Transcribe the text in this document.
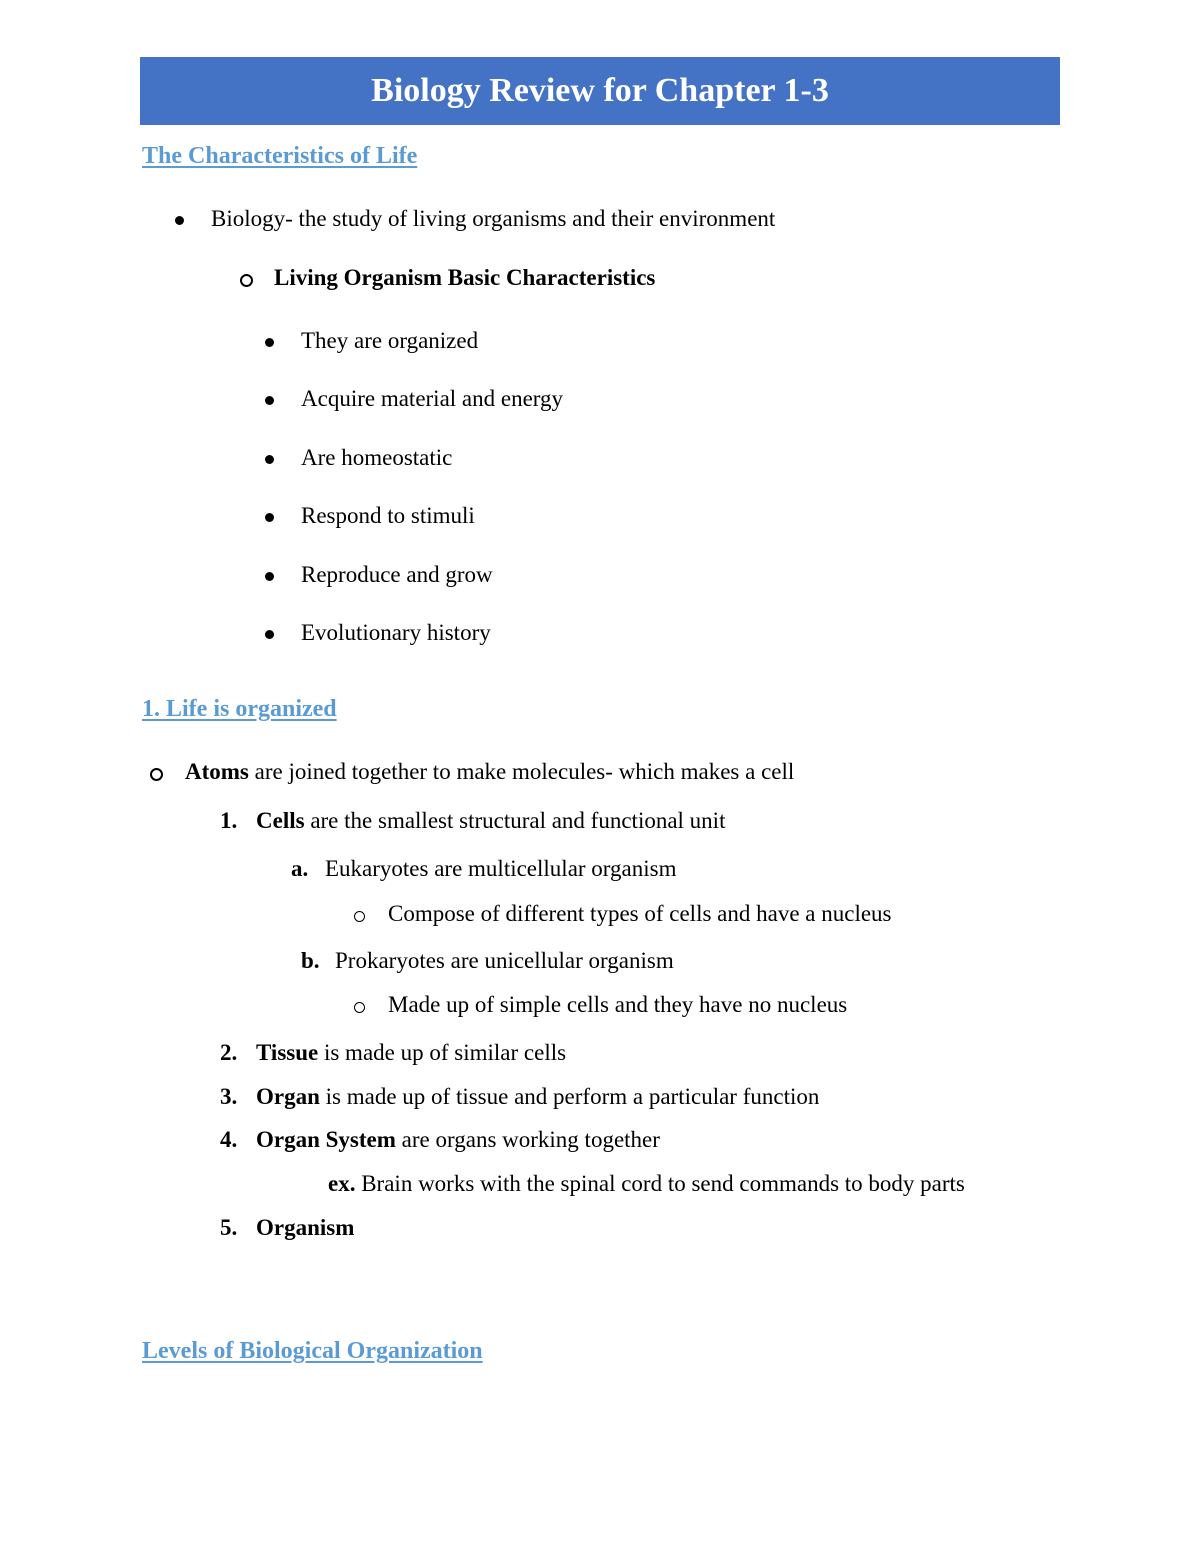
Biology Review for Chapter 1-3
The Characteristics of Life
Biology- the study of living organisms and their environment
Living Organism Basic Characteristics
They are organized
Acquire material and energy
Are homeostatic
Respond to stimuli
Reproduce and grow
Evolutionary history
1. Life is organized
Atoms are joined together to make molecules- which makes a cell
1. Cells are the smallest structural and functional unit
a. Eukaryotes are multicellular organism
Compose of different types of cells and have a nucleus
b. Prokaryotes are unicellular organism
Made up of simple cells and they have no nucleus
2. Tissue is made up of similar cells
3. Organ is made up of tissue and perform a particular function
4. Organ System are organs working together
ex. Brain works with the spinal cord to send commands to body parts
5. Organism
Levels of Biological Organization
